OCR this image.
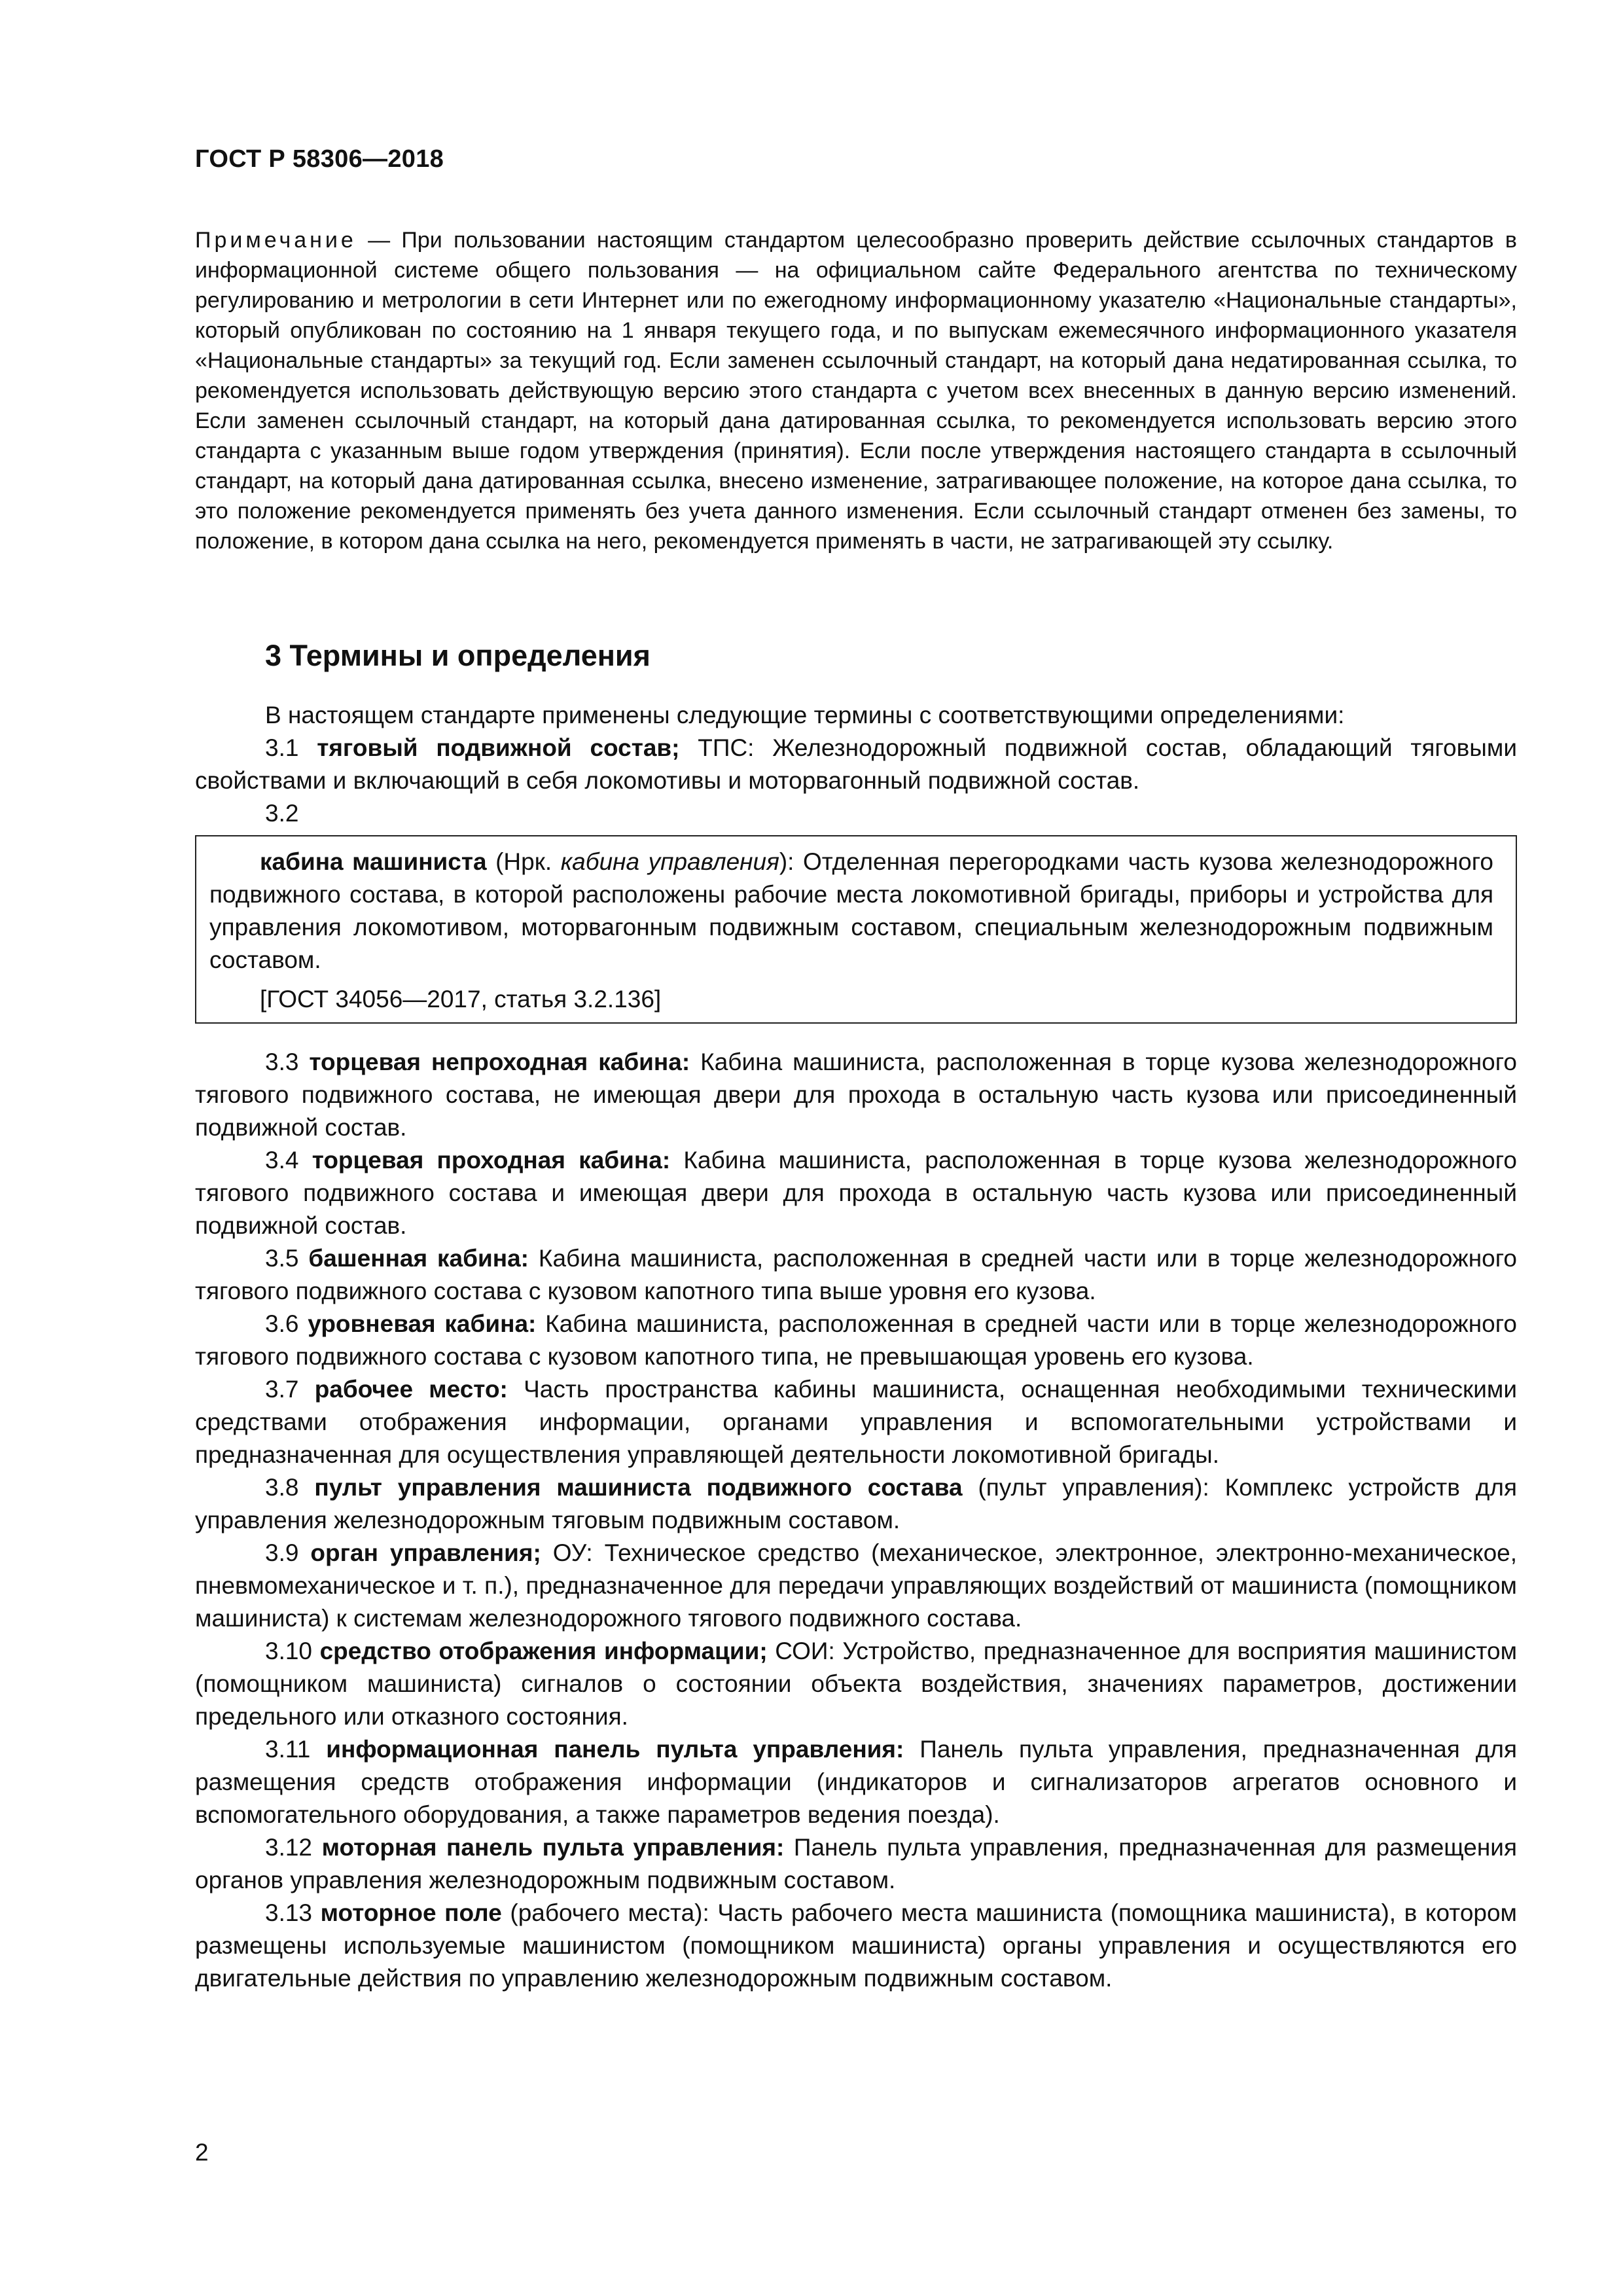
ГОСТ Р 58306—2018

Примечание — При пользовании настоящим стандартом целесообразно проверить действие ссылочных стандартов в информационной системе общего пользования — на официальном сайте Федерального агентства по техническому регулированию и метрологии в сети Интернет или по ежегодному информационному указателю «Национальные стандарты», который опубликован по состоянию на 1 января текущего года, и по выпускам ежемесячного информационного указателя «Национальные стандарты» за текущий год. Если заменен ссылочный стандарт, на который дана недатированная ссылка, то рекомендуется использовать действующую версию этого стандарта с учетом всех внесенных в данную версию изменений. Если заменен ссылочный стандарт, на который дана датированная ссылка, то рекомендуется использовать версию этого стандарта с указанным выше годом утверждения (принятия). Если после утверждения настоящего стандарта в ссылочный стандарт, на который дана датированная ссылка, внесено изменение, затрагивающее положение, на которое дана ссылка, то это положение рекомендуется применять без учета данного изменения. Если ссылочный стандарт отменен без замены, то положение, в котором дана ссылка на него, рекомендуется применять в части, не затрагивающей эту ссылку.

3 Термины и определения

В настоящем стандарте применены следующие термины с соответствующими определениями:

3.1 тяговый подвижной состав; ТПС: Железнодорожный подвижной состав, обладающий тяговыми свойствами и включающий в себя локомотивы и моторвагонный подвижной состав.

3.2

кабина машиниста (Нрк. кабина управления): Отделенная перегородками часть кузова железнодорожного подвижного состава, в которой расположены рабочие места локомотивной бригады, приборы и устройства для управления локомотивом, моторвагонным подвижным составом, специальным железнодорожным подвижным составом.

[ГОСТ 34056—2017, статья 3.2.136]

3.3 торцевая непроходная кабина: Кабина машиниста, расположенная в торце кузова железнодорожного тягового подвижного состава, не имеющая двери для прохода в остальную часть кузова или присоединенный подвижной состав.

3.4 торцевая проходная кабина: Кабина машиниста, расположенная в торце кузова железнодорожного тягового подвижного состава и имеющая двери для прохода в остальную часть кузова или присоединенный подвижной состав.

3.5 башенная кабина: Кабина машиниста, расположенная в средней части или в торце железнодорожного тягового подвижного состава с кузовом капотного типа выше уровня его кузова.

3.6 уровневая кабина: Кабина машиниста, расположенная в средней части или в торце железнодорожного тягового подвижного состава с кузовом капотного типа, не превышающая уровень его кузова.

3.7 рабочее место: Часть пространства кабины машиниста, оснащенная необходимыми техническими средствами отображения информации, органами управления и вспомогательными устройствами и предназначенная для осуществления управляющей деятельности локомотивной бригады.

3.8 пульт управления машиниста подвижного состава (пульт управления): Комплекс устройств для управления железнодорожным тяговым подвижным составом.

3.9 орган управления; ОУ: Техническое средство (механическое, электронное, электронно-механическое, пневмомеханическое и т. п.), предназначенное для передачи управляющих воздействий от машиниста (помощником машиниста) к системам железнодорожного тягового подвижного состава.

3.10 средство отображения информации; СОИ: Устройство, предназначенное для восприятия машинистом (помощником машиниста) сигналов о состоянии объекта воздействия, значениях параметров, достижении предельного или отказного состояния.

3.11 информационная панель пульта управления: Панель пульта управления, предназначенная для размещения средств отображения информации (индикаторов и сигнализаторов агрегатов основного и вспомогательного оборудования, а также параметров ведения поезда).

3.12 моторная панель пульта управления: Панель пульта управления, предназначенная для размещения органов управления железнодорожным подвижным составом.

3.13 моторное поле (рабочего места): Часть рабочего места машиниста (помощника машиниста), в котором размещены используемые машинистом (помощником машиниста) органы управления и осуществляются его двигательные действия по управлению железнодорожным подвижным составом.

2
